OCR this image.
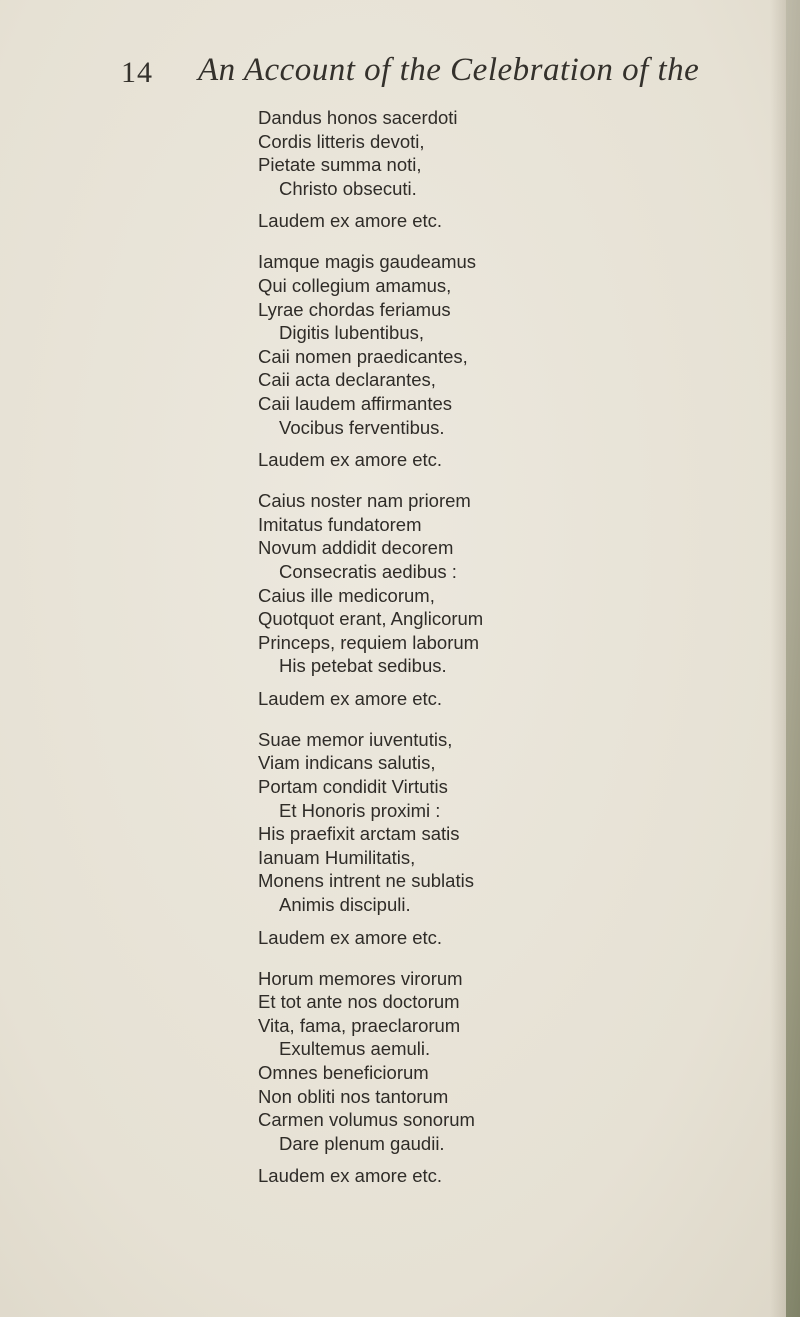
14 An Account of the Celebration of the
Dandus honos sacerdoti
Cordis litteris devoti,
Pietate summa noti,
Christo obsecuti.
Laudem ex amore etc.
Iamque magis gaudeamus
Qui collegium amamus,
Lyrae chordas feriamus
Digitis lubentibus,
Caii nomen praedicantes,
Caii acta declarantes,
Caii laudem affirmantes
Vocibus ferventibus.
Laudem ex amore etc.
Caius noster nam priorem
Imitatus fundatorem
Novum addidit decorem
Consecratis aedibus :
Caius ille medicorum,
Quotquot erant, Anglicorum
Princeps, requiem laborum
His petebat sedibus.
Laudem ex amore etc.
Suae memor iuventutis,
Viam indicans salutis,
Portam condidit Virtutis
Et Honoris proximi :
His praefixit arctam satis
Ianuam Humilitatis,
Monens intrent ne sublatis
Animis discipuli.
Laudem ex amore etc.
Horum memores virorum
Et tot ante nos doctorum
Vita, fama, praeclarorum
Exultemus aemuli.
Omnes beneficiorum
Non obliti nos tantorum
Carmen volumus sonorum
Dare plenum gaudii.
Laudem ex amore etc.
